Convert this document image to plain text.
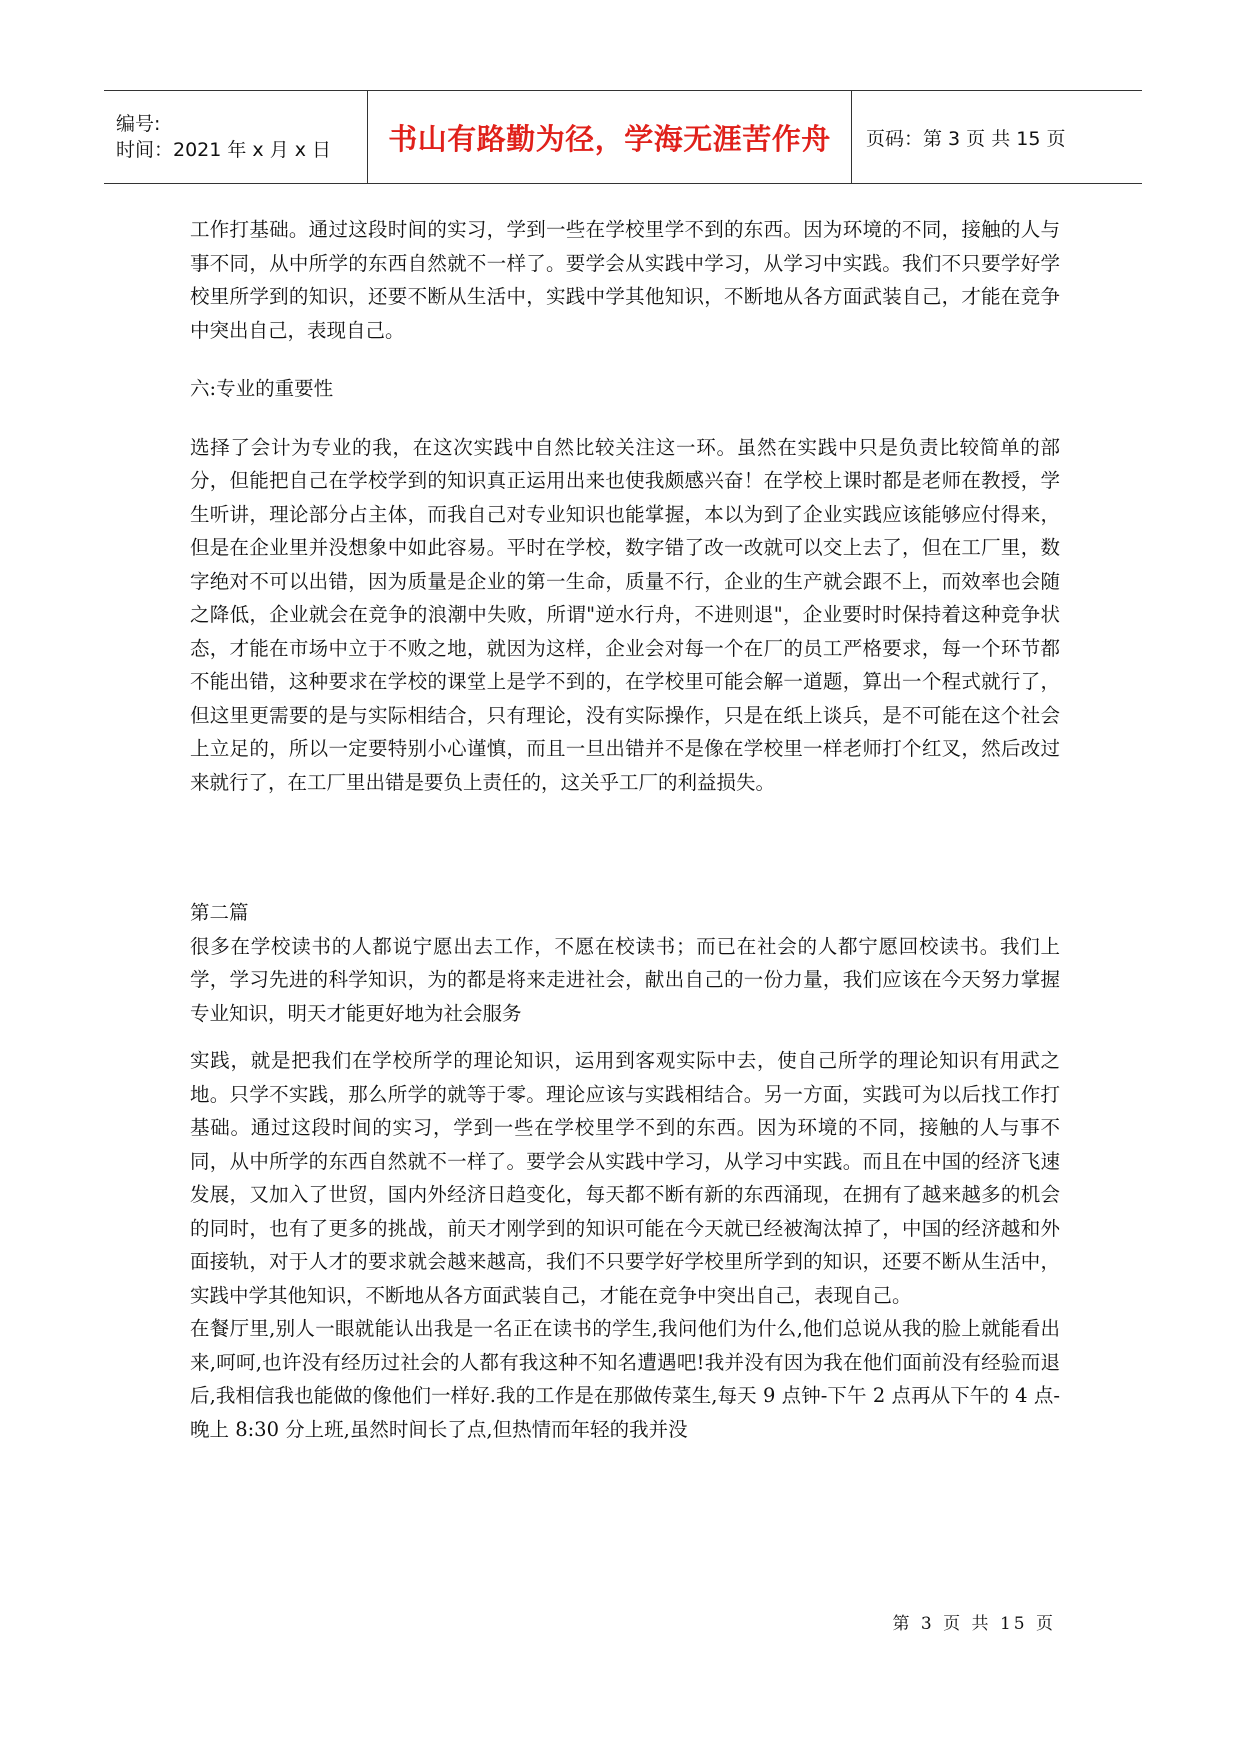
编号:
时间：2021 年 x 月 x 日	书山有路勤为径，学海无涯苦作舟 页码：第 3 页 共 15 页

工作打基础。通过这段时间的实习，学到一些在学校里学不到的东西。因为环境的不同，接触的人与事不同，从中所学的东西自然就不一样了。要学会从实践中学习，从学习中实践。我们不只要学好学校里所学到的知识，还要不断从生活中，实践中学其他知识，不断地从各方面武装自己，才能在竞争中突出自己，表现自己。

六:专业的重要性

选择了会计为专业的我，在这次实践中自然比较关注这一环。虽然在实践中只是负责比较简单的部分，但能把自己在学校学到的知识真正运用出来也使我颇感兴奋！在学校上课时都是老师在教授，学生听讲，理论部分占主体，而我自己对专业知识也能掌握，本以为到了企业实践应该能够应付得来，但是在企业里并没想象中如此容易。平时在学校，数字错了改一改就可以交上去了，但在工厂里，数字绝对不可以出错，因为质量是企业的第一生命，质量不行，企业的生产就会跟不上，而效率也会随之降低，企业就会在竞争的浪潮中失败，所谓"逆水行舟，不进则退"，企业要时时保持着这种竞争状态，才能在市场中立于不败之地，就因为这样，企业会对每一个在厂的员工严格要求，每一个环节都不能出错，这种要求在学校的课堂上是学不到的，在学校里可能会解一道题，算出一个程式就行了，但这里更需要的是与实际相结合，只有理论，没有实际操作，只是在纸上谈兵，是不可能在这个社会上立足的，所以一定要特别小心谨慎，而且一旦出错并不是像在学校里一样老师打个红叉，然后改过来就行了，在工厂里出错是要负上责任的，这关乎工厂的利益损失。

第二篇

很多在学校读书的人都说宁愿出去工作，不愿在校读书；而已在社会的人都宁愿回校读书。我们上学，学习先进的科学知识，为的都是将来走进社会，献出自己的一份力量，我们应该在今天努力掌握专业知识，明天才能更好地为社会服务

实践，就是把我们在学校所学的理论知识，运用到客观实际中去，使自己所学的理论知识有用武之地。只学不实践，那么所学的就等于零。理论应该与实践相结合。另一方面，实践可为以后找工作打基础。通过这段时间的实习，学到一些在学校里学不到的东西。因为环境的不同，接触的人与事不同，从中所学的东西自然就不一样了。要学会从实践中学习，从学习中实践。而且在中国的经济飞速发展，又加入了世贸，国内外经济日趋变化，每天都不断有新的东西涌现，在拥有了越来越多的机会的同时，也有了更多的挑战，前天才刚学到的知识可能在今天就已经被淘汰掉了，中国的经济越和外面接轨，对于人才的要求就会越来越高，我们不只要学好学校里所学到的知识，还要不断从生活中，实践中学其他知识，不断地从各方面武装自己，才能在竞争中突出自己，表现自己。

在餐厅里,别人一眼就能认出我是一名正在读书的学生,我问他们为什么,他们总说从我的脸上就能看出来,呵呵,也许没有经历过社会的人都有我这种不知名遭遇吧!我并没有因为我在他们面前没有经验而退后,我相信我也能做的像他们一样好.我的工作是在那做传菜生,每天 9 点钟-下午 2 点再从下午的 4 点-晚上 8:30 分上班,虽然时间长了点,但热情而年轻的我并没

第 3 页 共 15 页
